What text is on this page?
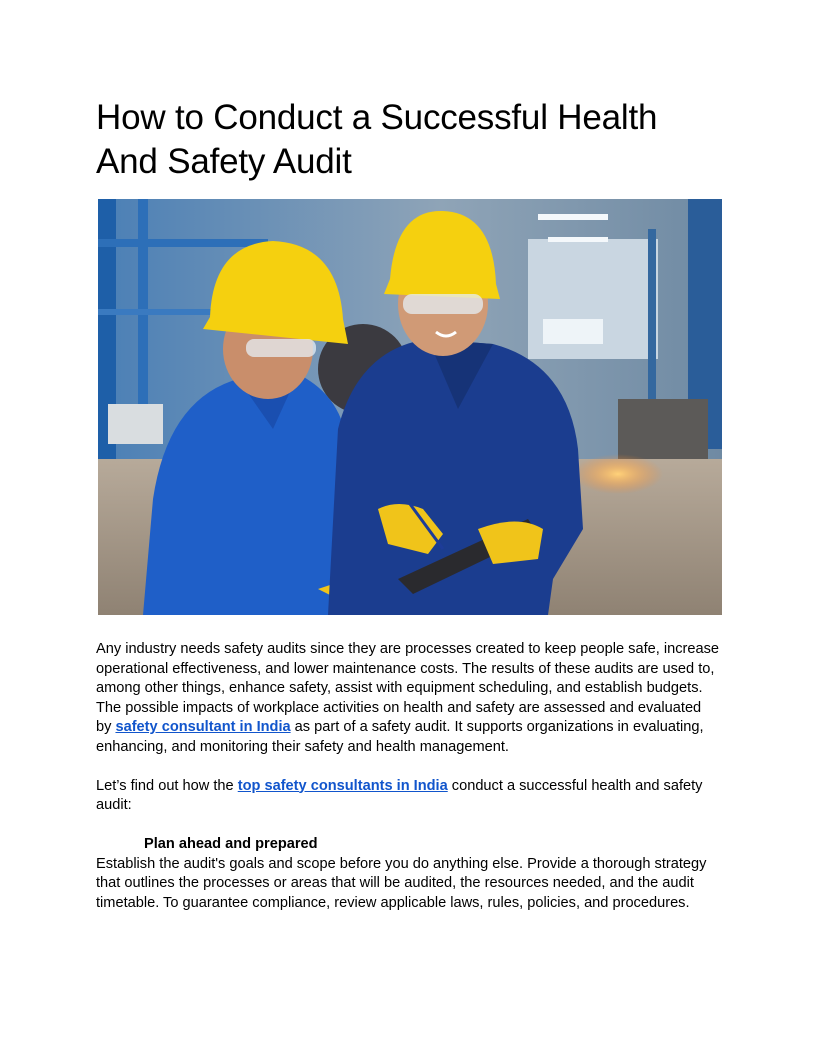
How to Conduct a Successful Health And Safety Audit

Any industry needs safety audits since they are processes created to keep people safe, increase operational effectiveness, and lower maintenance costs. The results of these audits are used to, among other things, enhance safety, assist with equipment scheduling, and establish budgets.

The possible impacts of workplace activities on health and safety are assessed and evaluated by safety consultant in India as part of a safety audit. It supports organizations in evaluating, enhancing, and monitoring their safety and health management.

Let’s find out how the top safety consultants in India conduct a successful health and safety audit:

Plan ahead and prepared

Establish the audit's goals and scope before you do anything else. Provide a thorough strategy that outlines the processes or areas that will be audited, the resources needed, and the audit timetable. To guarantee compliance, review applicable laws, rules, policies, and procedures.
